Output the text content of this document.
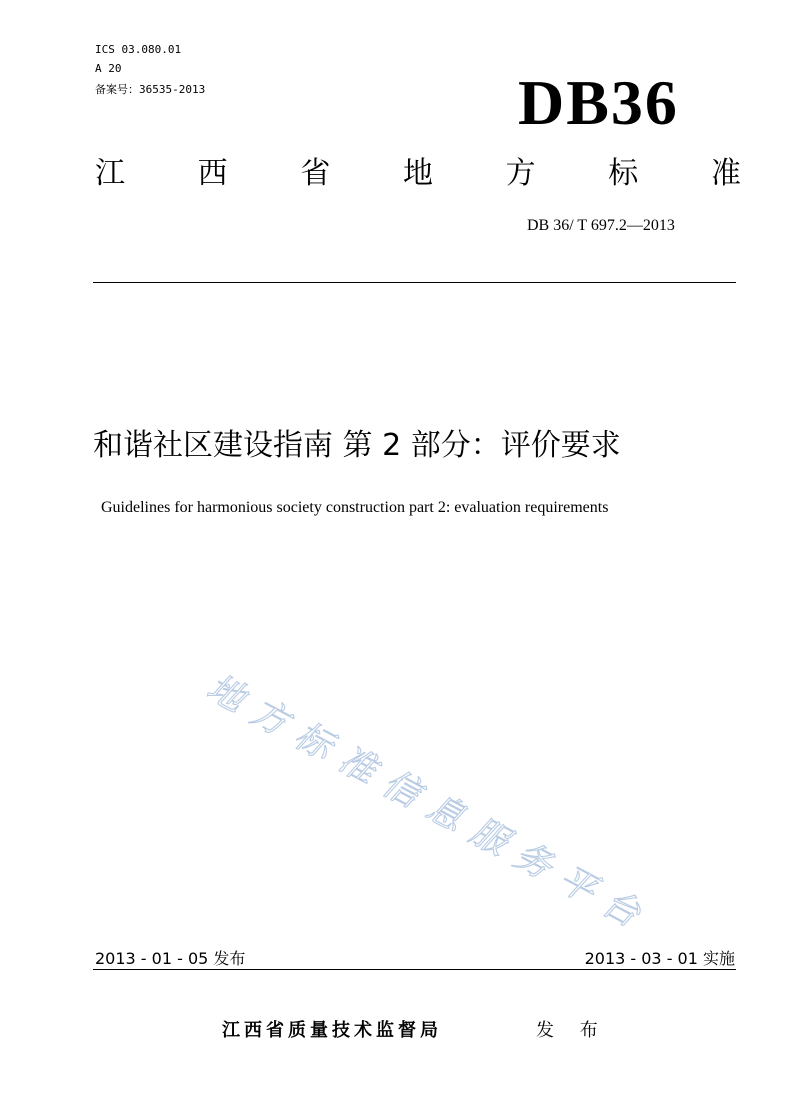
ICS 03.080.01
A 20
备案号：36535-2013	DB36
江 西 省 地 方 标 准
DB 36/ T 697.2—2013
和谐社区建设指南 第 2 部分：评价要求
Guidelines for harmonious society construction part 2: evaluation requirements
地
方
标
准
信
息
服
务
平
台
2013 - 01 - 05 发布	2013 - 03 - 01 实施
江西省质量技术监督局	发 布
